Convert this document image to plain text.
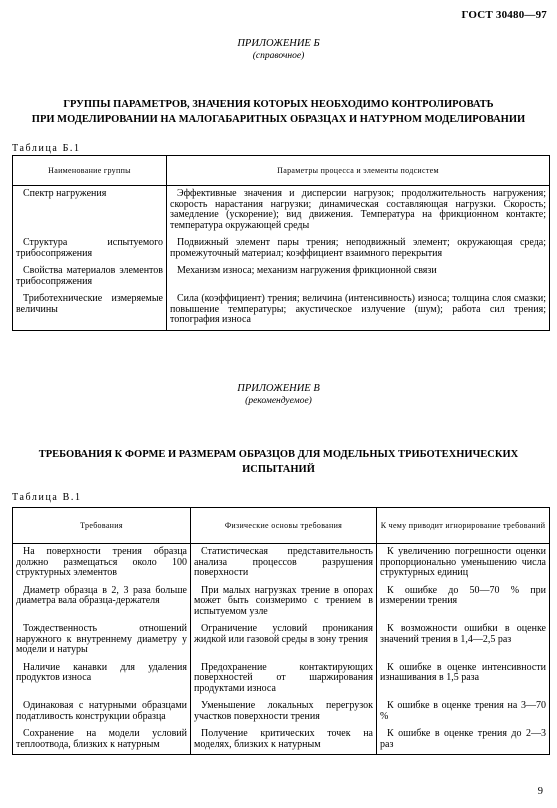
ГОСТ 30480—97
ПРИЛОЖЕНИЕ Б
(справочное)
ГРУППЫ ПАРАМЕТРОВ, ЗНАЧЕНИЯ КОТОРЫХ НЕОБХОДИМО КОНТРОЛИРОВАТЬ
ПРИ МОДЕЛИРОВАНИИ НА МАЛОГАБАРИТНЫХ ОБРАЗЦАХ И НАТУРНОМ МОДЕЛИРОВАНИИ
Таблица Б.1
Наименование группы	Параметры процесса и элементы подсистем
Спектр нагружения	Эффективные значения и дисперсии нагрузок; продолжительность нагружения; скорость нарастания нагрузки; динамическая составляющая нагрузки. Скорость; замедление (ускорение); вид движения. Температура на фрикционном контакте; температура окружающей среды
Структура испытуемого трибосопряжения	Подвижный элемент пары трения; неподвижный элемент; окружающая среда; промежуточный материал; коэффициент взаимного перекрытия
Свойства материалов элементов трибосопряжения	Механизм износа; механизм нагружения фрикционной связи
Триботехнические измеряемые величины	Сила (коэффициент) трения; величина (интенсивность) износа; толщина слоя смазки; повышение температуры; акустическое излучение (шум); работа сил трения; топография износа
ПРИЛОЖЕНИЕ В
(рекомендуемое)
ТРЕБОВАНИЯ К ФОРМЕ И РАЗМЕРАМ ОБРАЗЦОВ ДЛЯ МОДЕЛЬНЫХ ТРИБОТЕХНИЧЕСКИХ
ИСПЫТАНИЙ
Таблица В.1
Требования	Физические основы требования	К чему приводит игнорирование требований
На поверхности трения образца должно размещаться около 100 структурных элементов	Статистическая представительность анализа процессов разрушения поверхности	К увеличению погрешности оценки пропорционально уменьшению числа структурных единиц
Диаметр образца в 2, 3 раза больше диаметра вала образца-держателя	При малых нагрузках трение в опорах может быть соизмеримо с трением в испытуемом узле	К ошибке до 50—70 % при измерении трения
Тождественность отношений наружного к внутреннему диаметру у модели и натуры	Ограничение условий проникания жидкой или газовой среды в зону трения	К возможности ошибки в оценке значений трения в 1,4—2,5 раз
Наличие канавки для удаления продуктов износа	Предохранение контактирующих поверхностей от шаржирования продуктами износа	К ошибке в оценке интенсивности изнашивания в 1,5 раза
Одинаковая с натурными образцами податливость конструкции образца	Уменьшение локальных перегрузок участков поверхности трения	К ошибке в оценке трения на 3—70 %
Сохранение на модели условий теплоотвода, близких к натурным	Получение критических точек на моделях, близких к натурным	К ошибке в оценке трения до 2—3 раз
9
